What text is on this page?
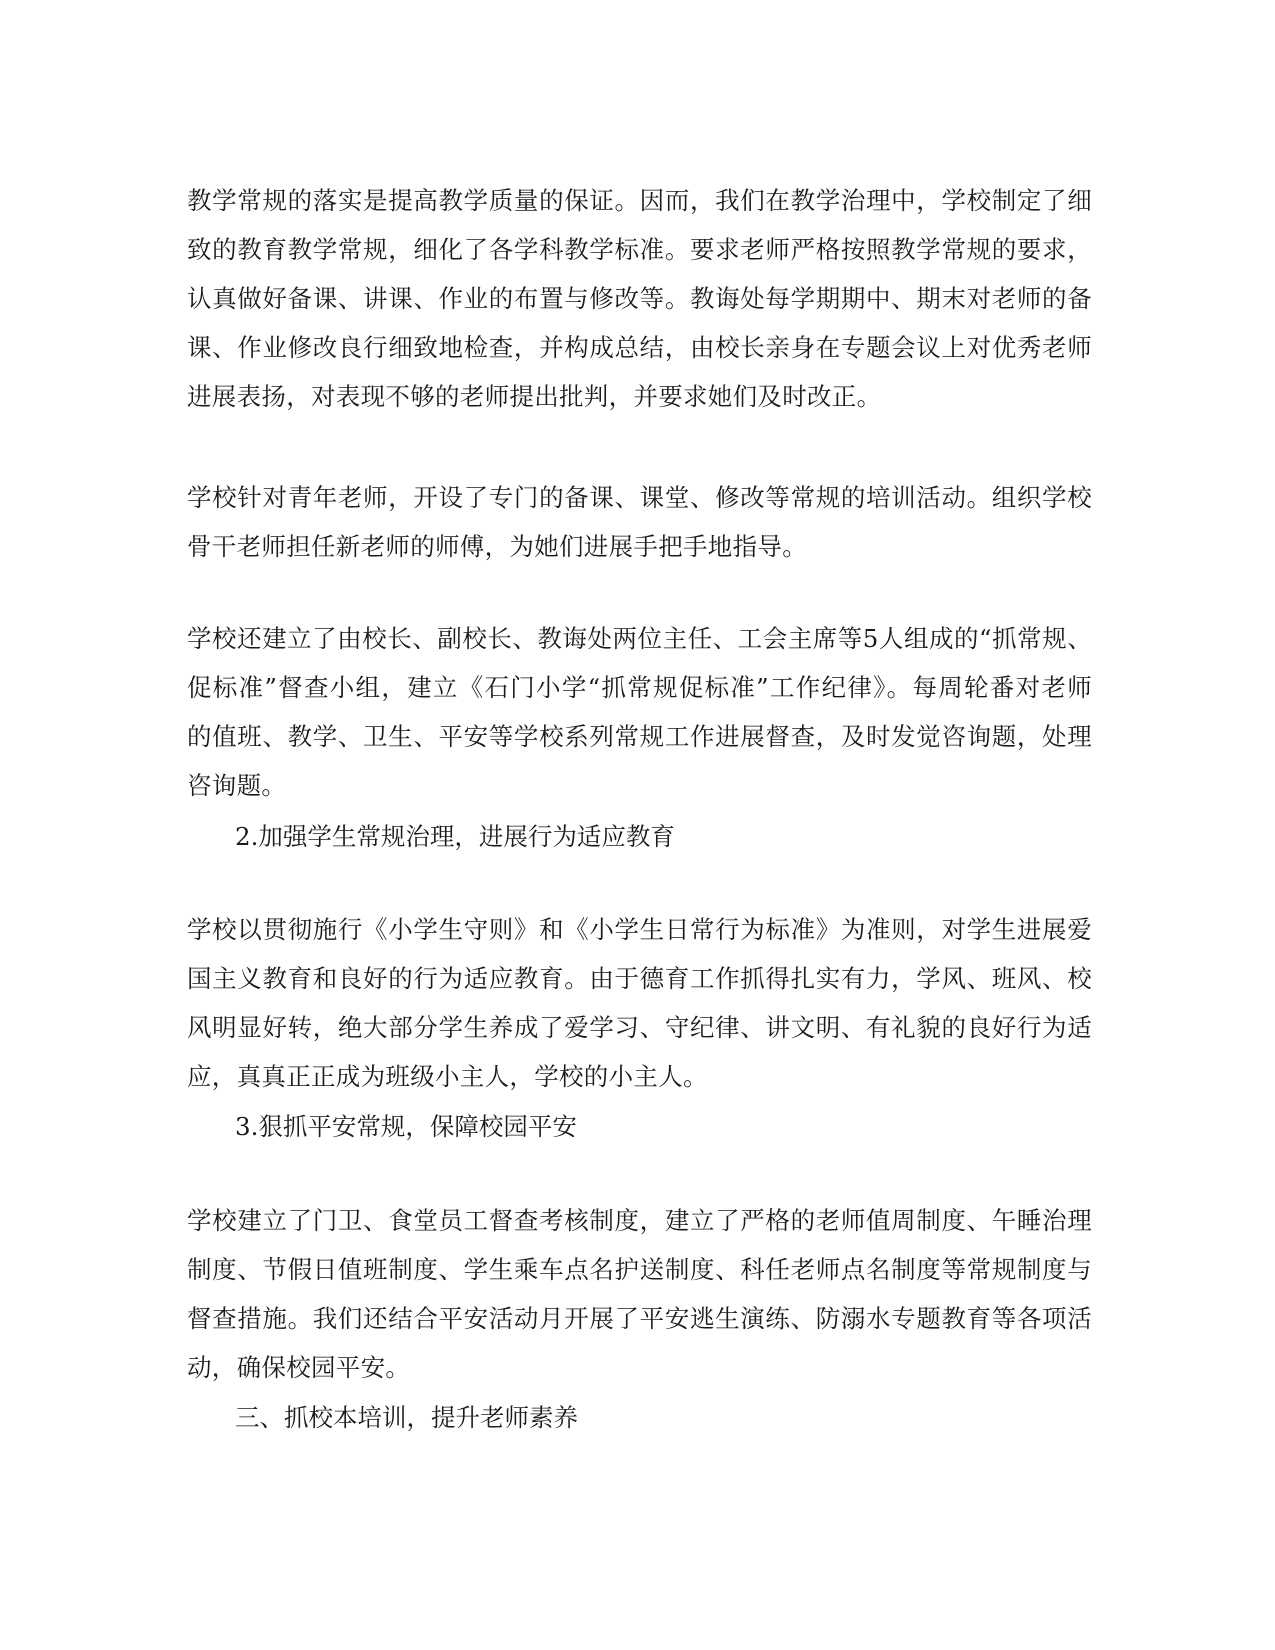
教学常规的落实是提高教学质量的保证。因而，我们在教学治理中，学校制定了细
致的教育教学常规，细化了各学科教学标准。要求老师严格按照教学常规的要求，
认真做好备课、讲课、作业的布置与修改等。教诲处每学期期中、期末对老师的备
课、作业修改良行细致地检查，并构成总结，由校长亲身在专题会议上对优秀老师
进展表扬，对表现不够的老师提出批判，并要求她们及时改正。

学校针对青年老师，开设了专门的备课、课堂、修改等常规的培训活动。组织学校
骨干老师担任新老师的师傅，为她们进展手把手地指导。

学校还建立了由校长、副校长、教诲处两位主任、工会主席等5人组成的“抓常规、
促标准”督查小组，建立《石门小学“抓常规促标准”工作纪律》。每周轮番对老师
的值班、教学、卫生、平安等学校系列常规工作进展督查，及时发觉咨询题，处理
咨询题。

2.加强学生常规治理，进展行为适应教育

学校以贯彻施行《小学生守则》和《小学生日常行为标准》为准则，对学生进展爱
国主义教育和良好的行为适应教育。由于德育工作抓得扎实有力，学风、班风、校
风明显好转，绝大部分学生养成了爱学习、守纪律、讲文明、有礼貌的良好行为适
应，真真正正成为班级小主人，学校的小主人。

3.狠抓平安常规，保障校园平安

学校建立了门卫、食堂员工督查考核制度，建立了严格的老师值周制度、午睡治理
制度、节假日值班制度、学生乘车点名护送制度、科任老师点名制度等常规制度与
督查措施。我们还结合平安活动月开展了平安逃生演练、防溺水专题教育等各项活
动，确保校园平安。

三、抓校本培训，提升老师素养
